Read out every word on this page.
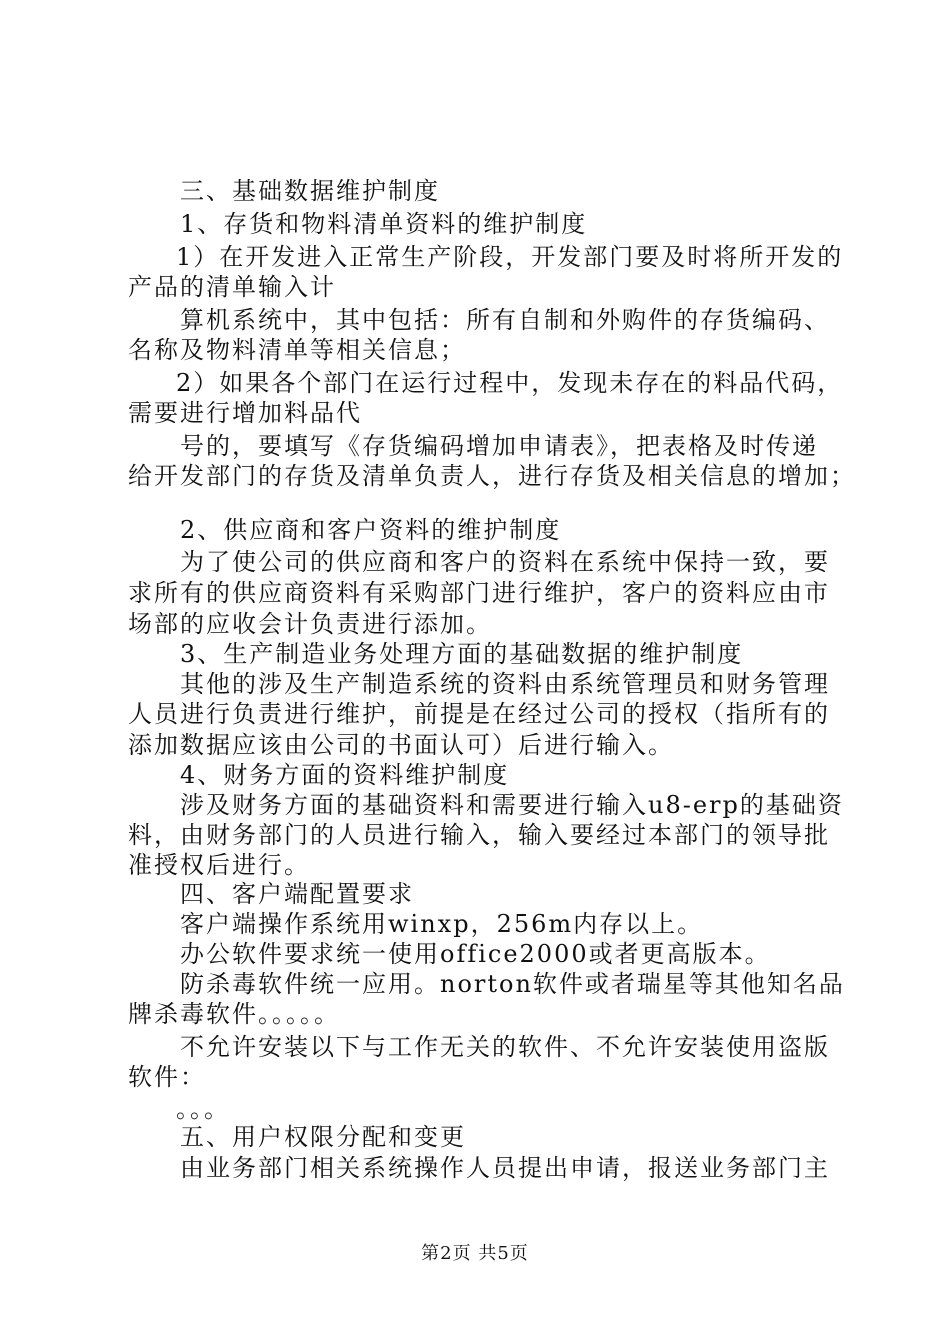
三、基础数据维护制度
1、存货和物料清单资料的维护制度
1）在开发进入正常生产阶段，开发部门要及时将所开发的
产品的清单输入计
算机系统中，其中包括：所有自制和外购件的存货编码、
名称及物料清单等相关信息；
2）如果各个部门在运行过程中，发现未存在的料品代码，
需要进行增加料品代
号的，要填写《存货编码增加申请表》，把表格及时传递
给开发部门的存货及清单负责人，进行存货及相关信息的增加；
2、供应商和客户资料的维护制度
为了使公司的供应商和客户的资料在系统中保持一致，要
求所有的供应商资料有采购部门进行维护，客户的资料应由市
场部的应收会计负责进行添加。
3、生产制造业务处理方面的基础数据的维护制度
其他的涉及生产制造系统的资料由系统管理员和财务管理
人员进行负责进行维护，前提是在经过公司的授权（指所有的
添加数据应该由公司的书面认可）后进行输入。
4、财务方面的资料维护制度
涉及财务方面的基础资料和需要进行输入u8-erp的基础资
料，由财务部门的人员进行输入，输入要经过本部门的领导批
准授权后进行。
四、客户端配置要求
客户端操作系统用winxp，256m内存以上。
办公软件要求统一使用office2000或者更高版本。
防杀毒软件统一应用。norton软件或者瑞星等其他知名品
牌杀毒软件。。。。。
不允许安装以下与工作无关的软件、不允许安装使用盗版
软件：
。。。
五、用户权限分配和变更
由业务部门相关系统操作人员提出申请，报送业务部门主
第2页 共5页
